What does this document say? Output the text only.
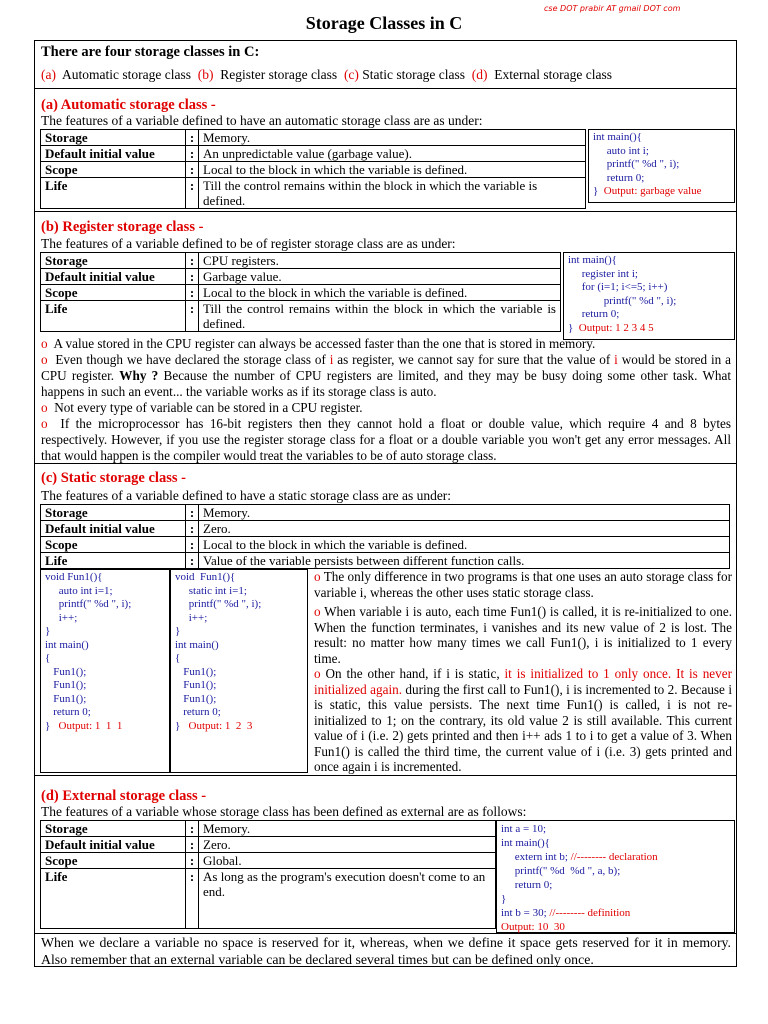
cse DOT prabir AT gmail DOT com
Storage Classes in C
There are four storage classes in C:
(a) Automatic storage class (b) Register storage class (c) Static storage class (d) External storage class
(a) Automatic storage class -
The features of a variable defined to have an automatic storage class are as under:
Storage	:	Memory.
Default initial value	:	An unpredictable value (garbage value).
Scope	:	Local to the block in which the variable is defined.
Life	:	Till the control remains within the block in which the variable is defined.
int main(){
auto int i;
printf(" %d ", i);
return 0;
}  Output: garbage value
(b) Register storage class -
The features of a variable defined to be of register storage class are as under:
Storage	:	CPU registers.
Default initial value	:	Garbage value.
Scope	:	Local to the block in which the variable is defined.
Life	:	Till the control remains within the block in which the variable is defined.
int main(){
register int i;
for (i=1; i<=5; i++)
printf(" %d ", i);
return 0;
}  Output: 1 2 3 4 5
o A value stored in the CPU register can always be accessed faster than the one that is stored in memory.
o Even though we have declared the storage class of i as register, we cannot say for sure that the value of i would be stored in a CPU register. Why ? Because the number of CPU registers are limited, and they may be busy doing some other task. What happens in such an event... the variable works as if its storage class is auto.
o Not every type of variable can be stored in a CPU register.
o If the microprocessor has 16-bit registers then they cannot hold a float or double value, which require 4 and 8 bytes respectively. However, if you use the register storage class for a float or a double variable you won't get any error messages. All that would happen is the compiler would treat the variables to be of auto storage class.
(c) Static storage class -
The features of a variable defined to have a static storage class are as under:
Storage	:	Memory.
Default initial value	:	Zero.
Scope	:	Local to the block in which the variable is defined.
Life	:	Value of the variable persists between different function calls.
void Fun1(){
auto int i=1;
printf(" %d ", i);
i++;
}
int main()
{
Fun1();
Fun1();
Fun1();
return 0;
}   Output: 1  1  1
void  Fun1(){
static int i=1;
printf(" %d ", i);
i++;
}
int main()
{
Fun1();
Fun1();
Fun1();
return 0;
}   Output: 1  2  3
o The only difference in two programs is that one uses an auto storage class for variable i, whereas the other uses static storage class.
o When variable i is auto, each time Fun1() is called, it is re-initialized to one. When the function terminates, i vanishes and its new value of 2 is lost. The result: no matter how many times we call Fun1(), i is initialized to 1 every time.
o On the other hand, if i is static, it is initialized to 1 only once. It is never initialized again. during the first call to Fun1(), i is incremented to 2. Because i is static, this value persists. The next time Fun1() is called, i is not re-initialized to 1; on the contrary, its old value 2 is still available. This current value of i (i.e. 2) gets printed and then i++ ads 1 to i to get a value of 3. When Fun1() is called the third time, the current value of i (i.e. 3) gets printed and once again i is incremented.
(d) External storage class -
The features of a variable whose storage class has been defined as external are as follows:
Storage	:	Memory.
Default initial value	:	Zero.
Scope	:	Global.
Life	:	As long as the program's execution doesn't come to an end.
int a = 10;
int main(){
extern int b; //-------- declaration
printf(" %d  %d ", a, b);
return 0;
}
int b = 30; //-------- definition
Output: 10  30
When we declare a variable no space is reserved for it, whereas, when we define it space gets reserved for it in memory. Also remember that an external variable can be declared several times but can be defined only once.
